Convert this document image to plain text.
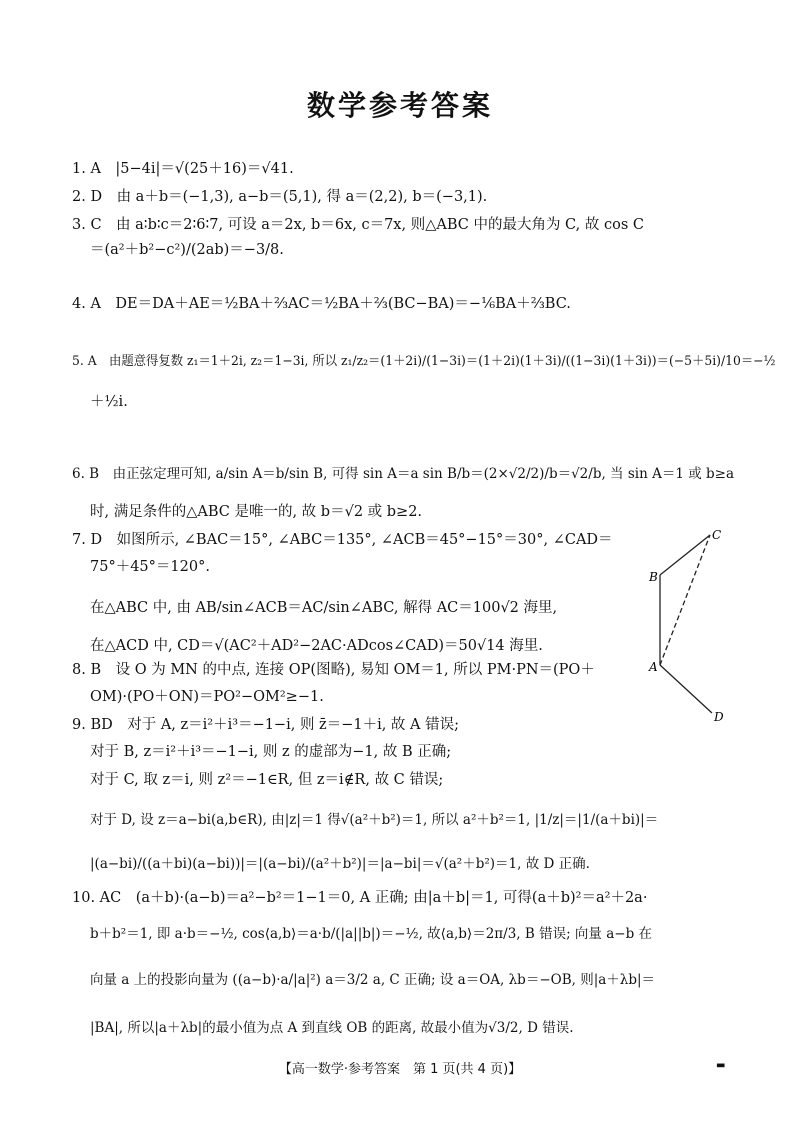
数学参考答案
1. A　|5−4i|＝√(25＋16)＝√41.
2. D　由 a＋b＝(−1,3), a−b＝(5,1), 得 a＝(2,2), b＝(−3,1).
3. C　由 a∶b∶c＝2∶6∶7, 可设 a＝2x, b＝6x, c＝7x, 则△ABC 中的最大角为 C, 故 cos C
＝(a²＋b²−c²)/(2ab)＝−3/8.
4. A　DE＝DA＋AE＝½BA＋⅔AC＝½BA＋⅔(BC−BA)＝−⅙BA＋⅔BC.
5. A　由题意得复数 z₁＝1＋2i, z₂＝1−3i, 所以 z₁/z₂＝(1＋2i)/(1−3i)＝(1＋2i)(1＋3i)/((1−3i)(1＋3i))＝(−5＋5i)/10＝−½
＋½i.
6. B　由正弦定理可知, a/sin A＝b/sin B, 可得 sin A＝a sin B/b＝(2×√2/2)/b＝√2/b, 当 sin A＝1 或 b≥a
时, 满足条件的△ABC 是唯一的, 故 b＝√2 或 b≥2.
7. D　如图所示, ∠BAC＝15°, ∠ABC＝135°, ∠ACB＝45°−15°＝30°, ∠CAD＝
75°＋45°＝120°.
在△ABC 中, 由 AB/sin∠ACB＝AC/sin∠ABC, 解得 AC＝100√2 海里,
在△ACD 中, CD＝√(AC²＋AD²−2AC·ADcos∠CAD)＝50√14 海里.
C
B
A
D
8. B　设 O 为 MN 的中点, 连接 OP(图略), 易知 OM＝1, 所以 PM·PN＝(PO＋
OM)·(PO＋ON)＝PO²−OM²≥−1.
9. BD　对于 A, z＝i²＋i³＝−1−i, 则 z̄＝−1＋i, 故 A 错误;
对于 B, z＝i²＋i³＝−1−i, 则 z 的虚部为−1, 故 B 正确;
对于 C, 取 z＝i, 则 z²＝−1∈R, 但 z＝i∉R, 故 C 错误;
对于 D, 设 z＝a−bi(a,b∈R), 由|z|＝1 得√(a²＋b²)＝1, 所以 a²＋b²＝1, |1/z|＝|1/(a＋bi)|＝
|(a−bi)/((a＋bi)(a−bi))|＝|(a−bi)/(a²＋b²)|＝|a−bi|＝√(a²＋b²)＝1, 故 D 正确.
10. AC　(a＋b)·(a−b)＝a²−b²＝1−1＝0, A 正确; 由|a＋b|＝1, 可得(a＋b)²＝a²＋2a·
b＋b²＝1, 即 a·b＝−½, cos⟨a,b⟩＝a·b/(|a||b|)＝−½, 故⟨a,b⟩＝2π/3, B 错误; 向量 a−b 在
向量 a 上的投影向量为 ((a−b)·a/|a|²) a＝3/2 a, C 正确; 设 a＝OA, λb＝−OB, 则|a＋λb|＝
|BA|, 所以|a＋λb|的最小值为点 A 到直线 OB 的距离, 故最小值为√3/2, D 错误.
【高一数学·参考答案　第 1 页(共 4 页)】	▬
